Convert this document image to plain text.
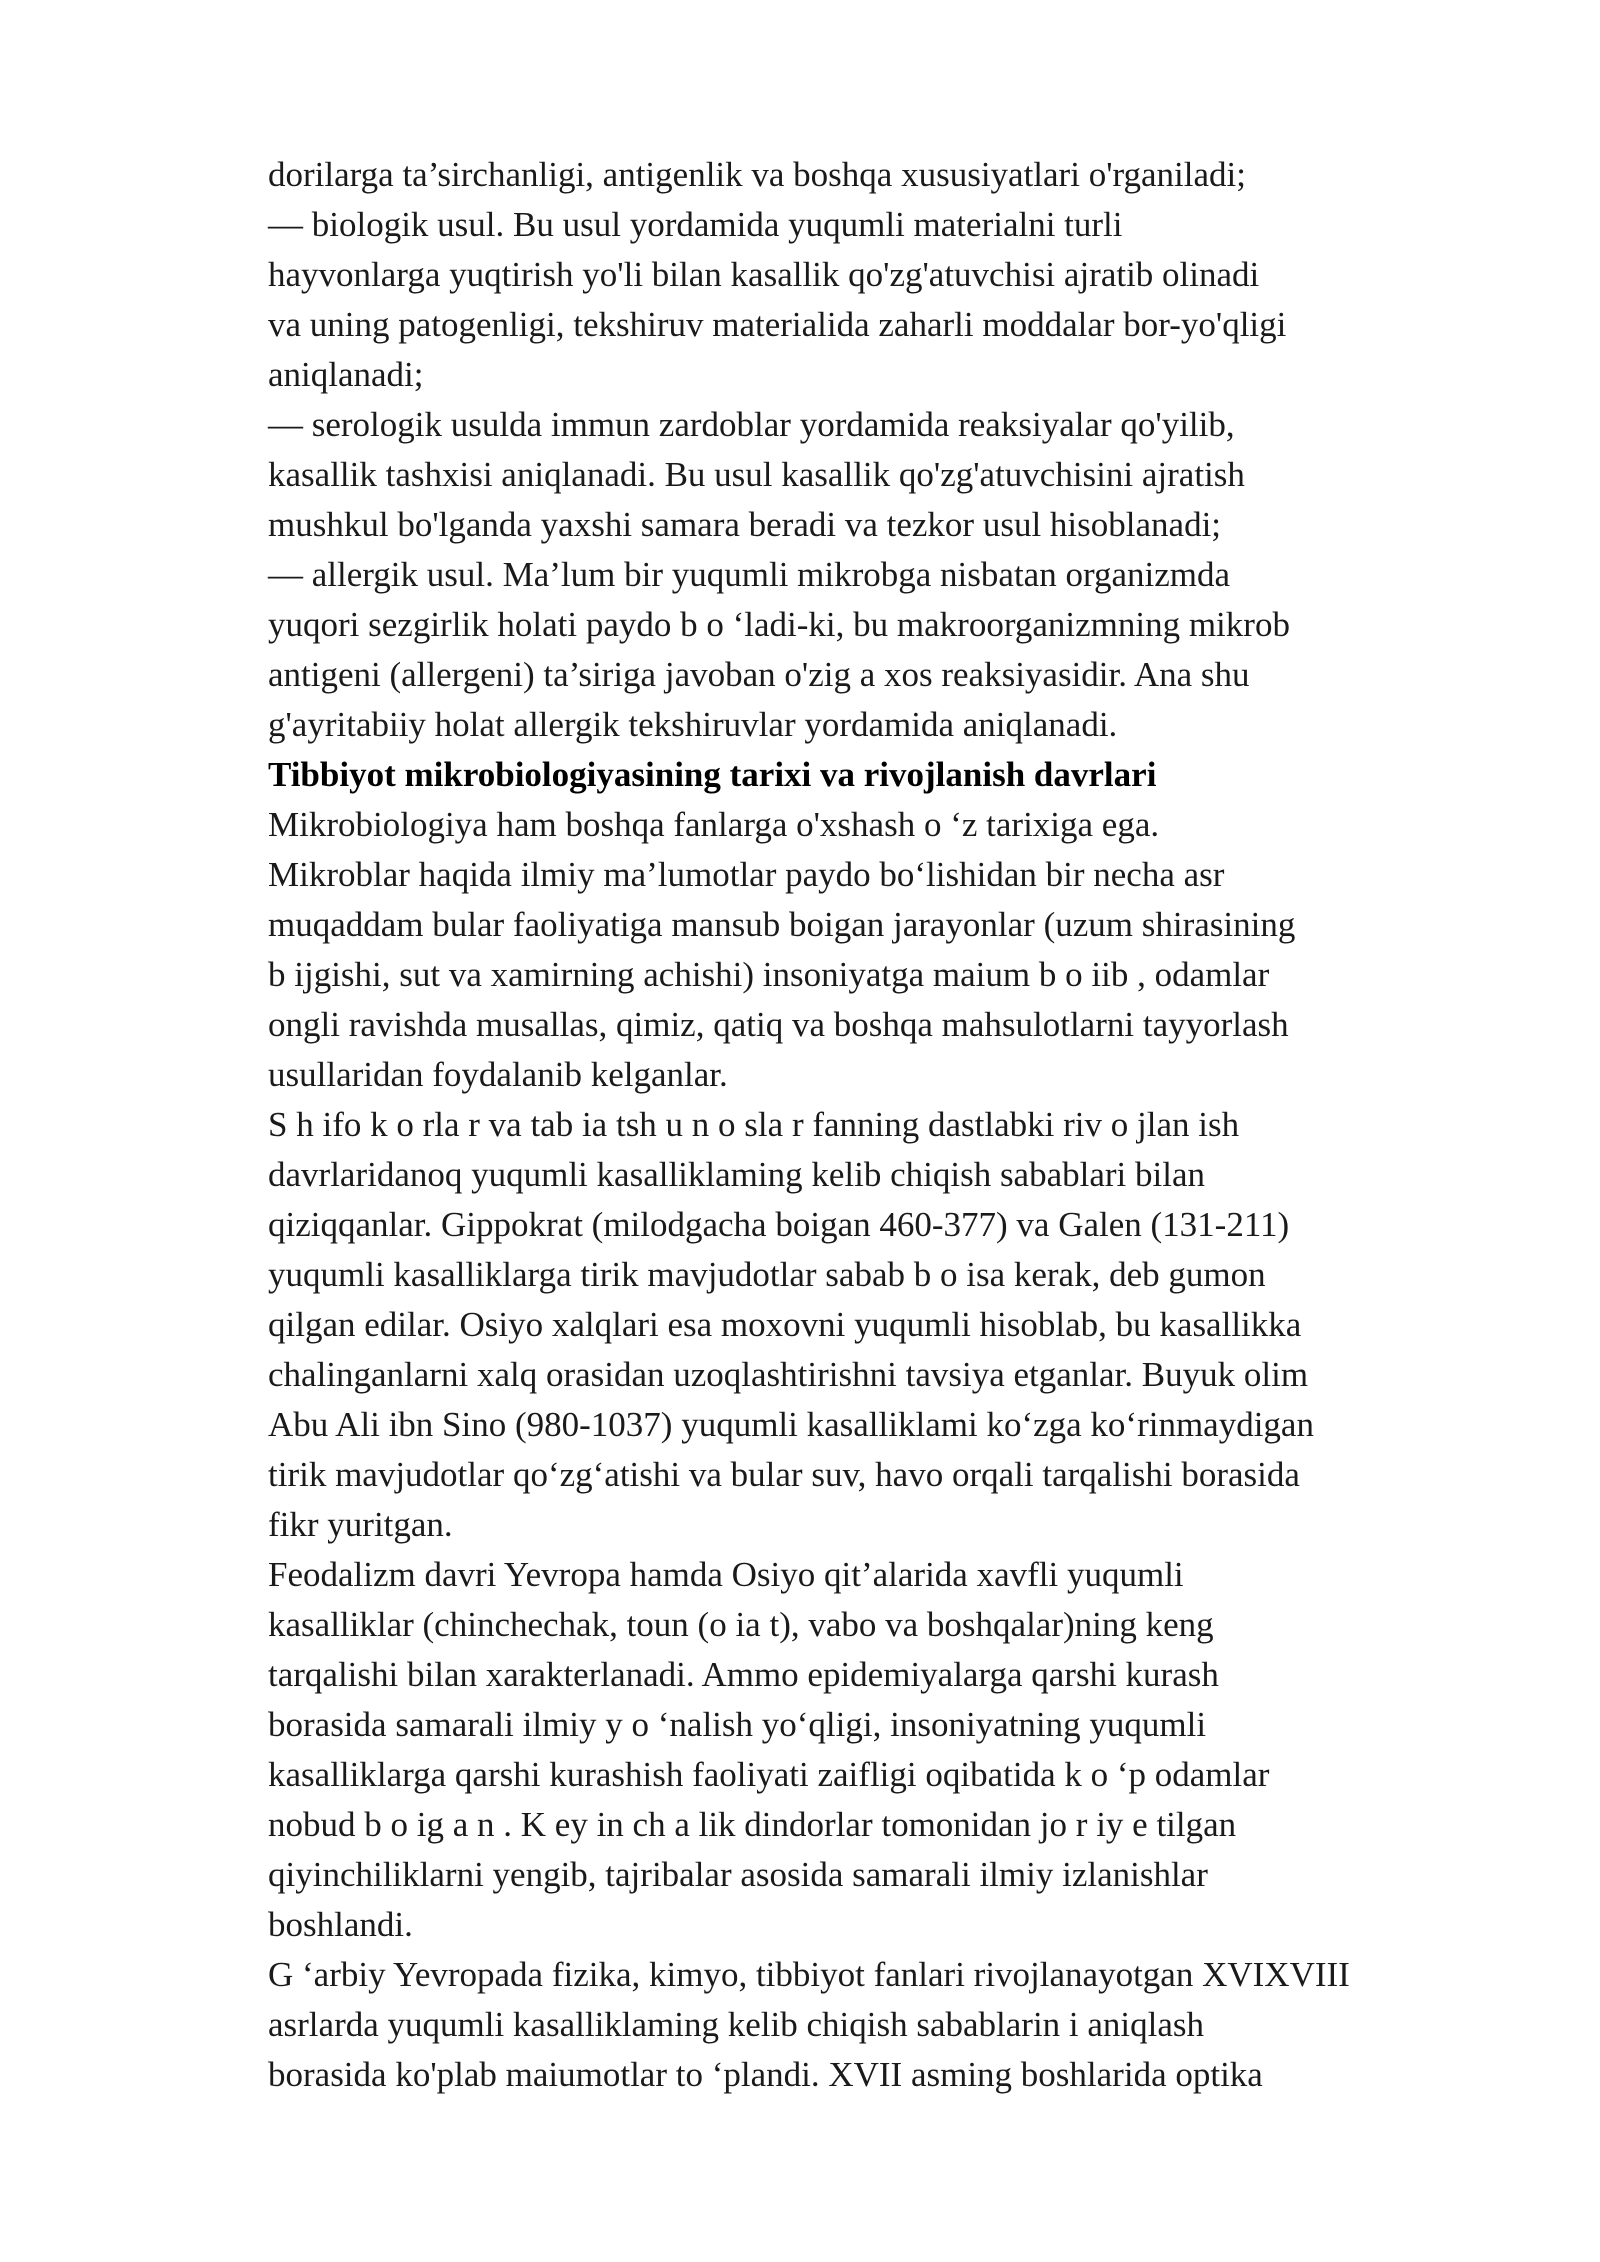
dorilarga ta’sirchanligi, antigenlik va boshqa xususiyatlari o'rganiladi;
— biologik usul. Bu usul yordamida yuqumli materialni turli
hayvonlarga yuqtirish yo'li bilan kasallik qo'zg'atuvchisi ajratib olinadi
va uning patogenligi, tekshiruv materialida zaharli moddalar bor-yo'qligi
aniqlanadi;
— serologik usulda immun zardoblar yordamida reaksiyalar qo'yilib,
kasallik tashxisi aniqlanadi. Bu usul kasallik qo'zg'atuvchisini ajratish
mushkul bo'lganda yaxshi samara beradi va tezkor usul hisoblanadi;
— allergik usul. Ma’lum bir yuqumli mikrobga nisbatan organizmda
yuqori sezgirlik holati paydo b o ‘ladi-ki, bu makroorganizmning mikrob
antigeni (allergeni) ta’siriga javoban o'zig a xos reaksiyasidir. Ana shu
g'ayritabiiy holat allergik tekshiruvlar yordamida aniqlanadi.
Tibbiyot mikrobiologiyasining tarixi va rivojlanish davrlari
Mikrobiologiya ham boshqa fanlarga o'xshash o ‘z tarixiga ega.
Mikroblar haqida ilmiy ma’lumotlar paydo bo‘lishidan bir necha asr
muqaddam bular faoliyatiga mansub boigan jarayonlar (uzum shirasining
b ijgishi, sut va xamirning achishi) insoniyatga maium b o iib , odamlar
ongli ravishda musallas, qimiz, qatiq va boshqa mahsulotlarni tayyorlash
usullaridan foydalanib kelganlar.
S h ifo k o rla r va tab ia tsh u n o sla r fanning dastlabki riv o jlan ish
davrlaridanoq yuqumli kasalliklaming kelib chiqish sabablari bilan
qiziqqanlar. Gippokrat (milodgacha boigan 460-377) va Galen (131-211)
yuqumli kasalliklarga tirik mavjudotlar sabab b o isa kerak, deb gumon
qilgan edilar. Osiyo xalqlari esa moxovni yuqumli hisoblab, bu kasallikka
chalinganlarni xalq orasidan uzoqlashtirishni tavsiya etganlar. Buyuk olim
Abu Ali ibn Sino (980-1037) yuqumli kasalliklami ko‘zga ko‘rinmaydigan
tirik mavjudotlar qo‘zg‘atishi va bular suv, havo orqali tarqalishi borasida
fikr yuritgan.
Feodalizm davri Yevropa hamda Osiyo qit’alarida xavfli yuqumli
kasalliklar (chinchechak, toun (o ia t), vabo va boshqalar)ning keng
tarqalishi bilan xarakterlanadi. Ammo epidemiyalarga qarshi kurash
borasida samarali ilmiy y o ‘nalish yo‘qligi, insoniyatning yuqumli
kasalliklarga qarshi kurashish faoliyati zaifligi oqibatida k o ‘p odamlar
nobud b o ig a n . K ey in ch a lik dindorlar tomonidan jo r iy e tilgan
qiyinchiliklarni yengib, tajribalar asosida samarali ilmiy izlanishlar
boshlandi.
G ‘arbiy Yevropada fizika, kimyo, tibbiyot fanlari rivojlanayotgan XVIXVIII
asrlarda yuqumli kasalliklaming kelib chiqish sabablarin i aniqlash
borasida ko'plab maiumotlar to ‘plandi. XVII asming boshlarida optika
